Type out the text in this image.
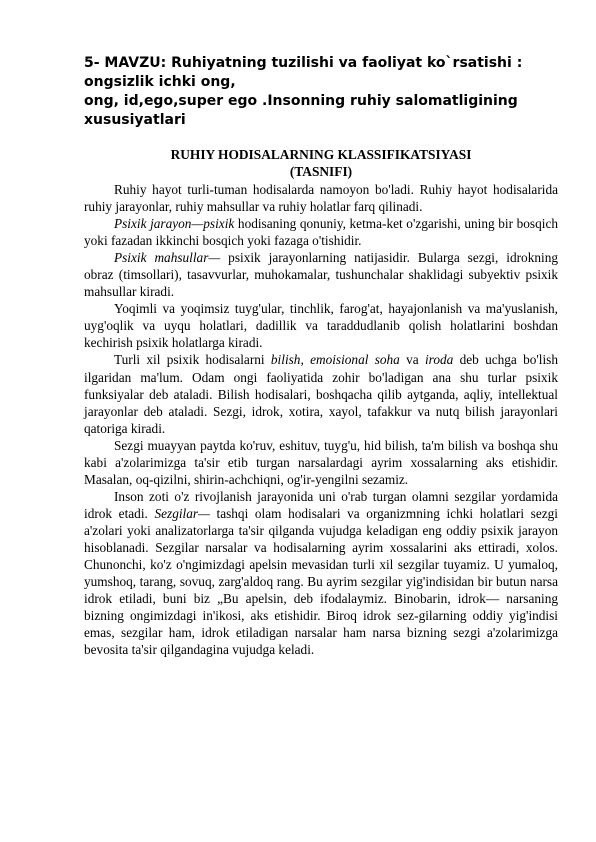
5- MAVZU: Ruhiyatning tuzilishi va faoliyat ko`rsatishi :
ongsizlik ichki ong,
ong, id,ego,super ego .Insonning ruhiy salomatligining
xususiyatlari
RUHIY HODISALARNING KLASSIFIKATSIYASI
(TASNIFI)

Ruhiy hayot turli-tuman hodisalarda namoyon bo'ladi. Ruhiy hayot hodisalarida ruhiy jarayonlar, ruhiy mahsullar va ruhiy holatlar farq qilinadi.

Psixik jarayon—psixik hodisaning qonuniy, ketma-ket o'zgarishi, uning bir bosqich yoki fazadan ikkinchi bosqich yoki fazaga o'tishidir.

Psixik mahsullar— psixik jarayonlarning natijasidir. Bularga sezgi, idrokning obraz (timsollari), tasavvurlar, muhokamalar, tushunchalar shaklidagi subyektiv psixik mahsullar kiradi.

Yoqimli va yoqimsiz tuyg'ular, tinchlik, farog'at, hayajonlanish va ma'yuslanish, uyg'oqlik va uyqu holatlari, dadillik va taraddudlanib qolish holatlarini boshdan kechirish psixik holatlarga kiradi.

Turli xil psixik hodisalarni bilish, emoisional soha va iroda deb uchga bo'lish ilgaridan ma'lum. Odam ongi faoliyatida zohir bo'ladigan ana shu turlar psixik funksiyalar deb ataladi. Bilish hodisalari, boshqacha qilib aytganda, aqliy, intellektual jarayonlar deb ataladi. Sezgi, idrok, xotira, xayol, tafakkur va nutq bilish jarayonlari qatoriga kiradi.

Sezgi muayyan paytda ko'ruv, eshituv, tuyg'u, hid bilish, ta'm bilish va boshqa shu kabi a'zolarimizga ta'sir etib turgan narsalardagi ayrim xossalarning aks etishidir. Masalan, oq-qizilni, shirin-achchiqni, og'ir-yengilni sezamiz.

Inson zoti o'z rivojlanish jarayonida uni o'rab turgan olamni sezgilar yordamida idrok etadi. Sezgilar— tashqi olam hodisalari va organizmning ichki holatlari sezgi a'zolari yoki analizatorlarga ta'sir qilganda vujudga keladigan eng oddiy psixik jarayon hisoblanadi. Sezgilar narsalar va hodisalarning ayrim xossalarini aks ettiradi, xolos. Chunonchi, ko'z o'ngimizdagi apelsin mevasidan turli xil sezgilar tuyamiz. U yumaloq, yumshoq, tarang, sovuq, zarg'aldoq rang. Bu ayrim sezgilar yig'indisidan bir butun narsa idrok etiladi, buni biz „Bu apelsin, deb ifodalaymiz. Binobarin, idrok— narsaning bizning ongimizdagi in'ikosi, aks etishidir. Biroq idrok sez-gilarning oddiy yig'indisi emas, sezgilar ham, idrok etiladigan narsalar ham narsa bizning sezgi a'zolarimizga bevosita ta'sir qilgandagina vujudga keladi.
